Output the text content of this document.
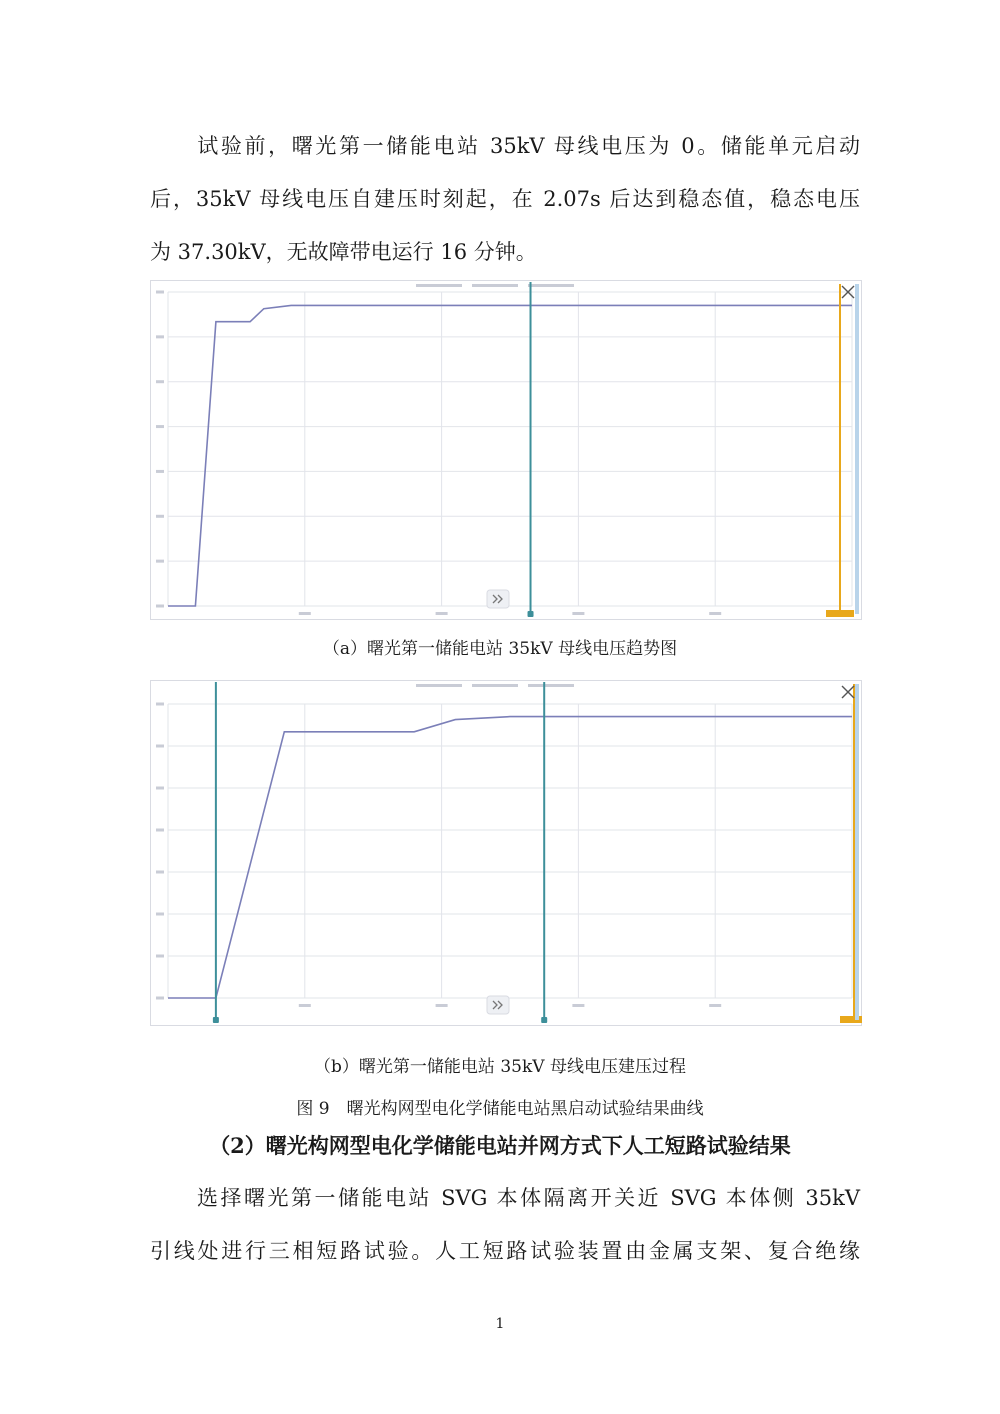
　　试验前，曙光第一储能电站 35kV 母线电压为 0。储能单元启动
后，35kV 母线电压自建压时刻起，在 2.07s 后达到稳态值，稳态电压
为 37.30kV，无故障带电运行 16 分钟。
（a）曙光第一储能电站 35kV 母线电压趋势图
（b）曙光第一储能电站 35kV 母线电压建压过程
图 9　曙光构网型电化学储能电站黑启动试验结果曲线
（2）曙光构网型电化学储能电站并网方式下人工短路试验结果
　　选择曙光第一储能电站 SVG 本体隔离开关近 SVG 本体侧 35kV
引线处进行三相短路试验。人工短路试验装置由金属支架、复合绝缘
1
